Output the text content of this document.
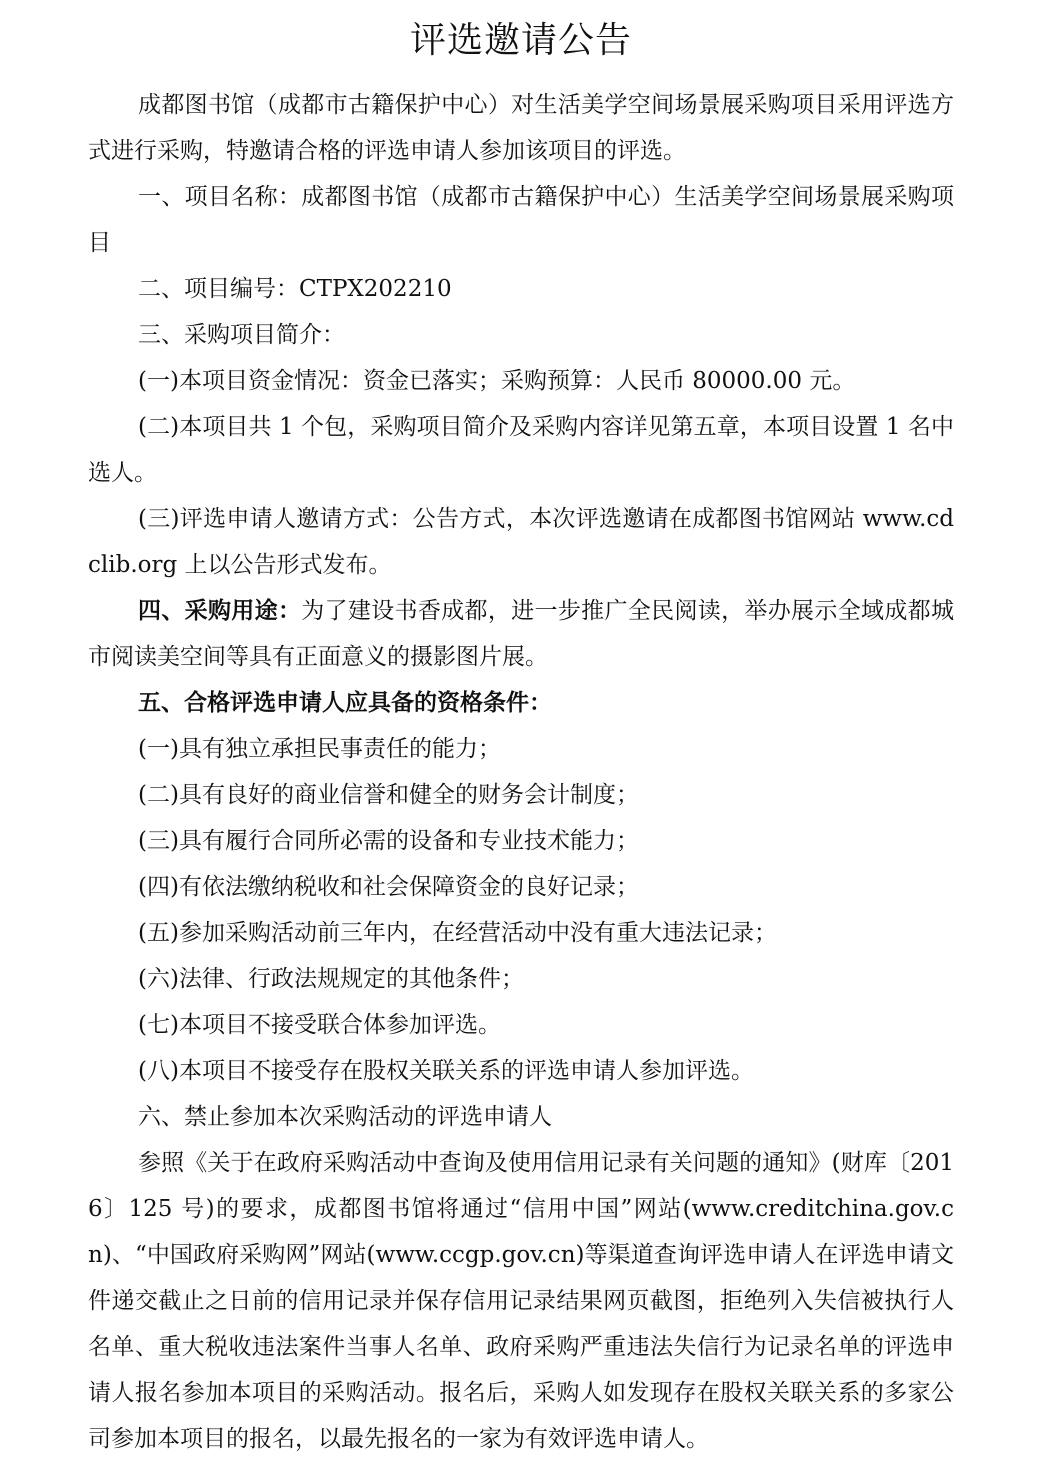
评选邀请公告

成都图书馆（成都市古籍保护中心）对生活美学空间场景展采购项目采用评选方式进行采购，特邀请合格的评选申请人参加该项目的评选。

一、项目名称：成都图书馆（成都市古籍保护中心）生活美学空间场景展采购项目

二、项目编号：CTPX202210

三、采购项目简介：

(一)本项目资金情况：资金已落实；采购预算：人民币 80000.00 元。

(二)本项目共 1 个包，采购项目简介及采购内容详见第五章，本项目设置 1 名中选人。

(三)评选申请人邀请方式：公告方式，本次评选邀请在成都图书馆网站 www.cdclib.org 上以公告形式发布。

四、采购用途：为了建设书香成都，进一步推广全民阅读，举办展示全域成都城市阅读美空间等具有正面意义的摄影图片展。

五、合格评选申请人应具备的资格条件：

(一)具有独立承担民事责任的能力；

(二)具有良好的商业信誉和健全的财务会计制度；

(三)具有履行合同所必需的设备和专业技术能力；

(四)有依法缴纳税收和社会保障资金的良好记录；

(五)参加采购活动前三年内，在经营活动中没有重大违法记录；

(六)法律、行政法规规定的其他条件；

(七)本项目不接受联合体参加评选。

(八)本项目不接受存在股权关联关系的评选申请人参加评选。

六、禁止参加本次采购活动的评选申请人

参照《关于在政府采购活动中查询及使用信用记录有关问题的通知》(财库〔2016〕125 号)的要求，成都图书馆将通过“信用中国”网站(www.creditchina.gov.cn)、“中国政府采购网”网站(www.ccgp.gov.cn)等渠道查询评选申请人在评选申请文件递交截止之日前的信用记录并保存信用记录结果网页截图，拒绝列入失信被执行人名单、重大税收违法案件当事人名单、政府采购严重违法失信行为记录名单的评选申请人报名参加本项目的采购活动。报名后，采购人如发现存在股权关联关系的多家公司参加本项目的报名，以最先报名的一家为有效评选申请人。
